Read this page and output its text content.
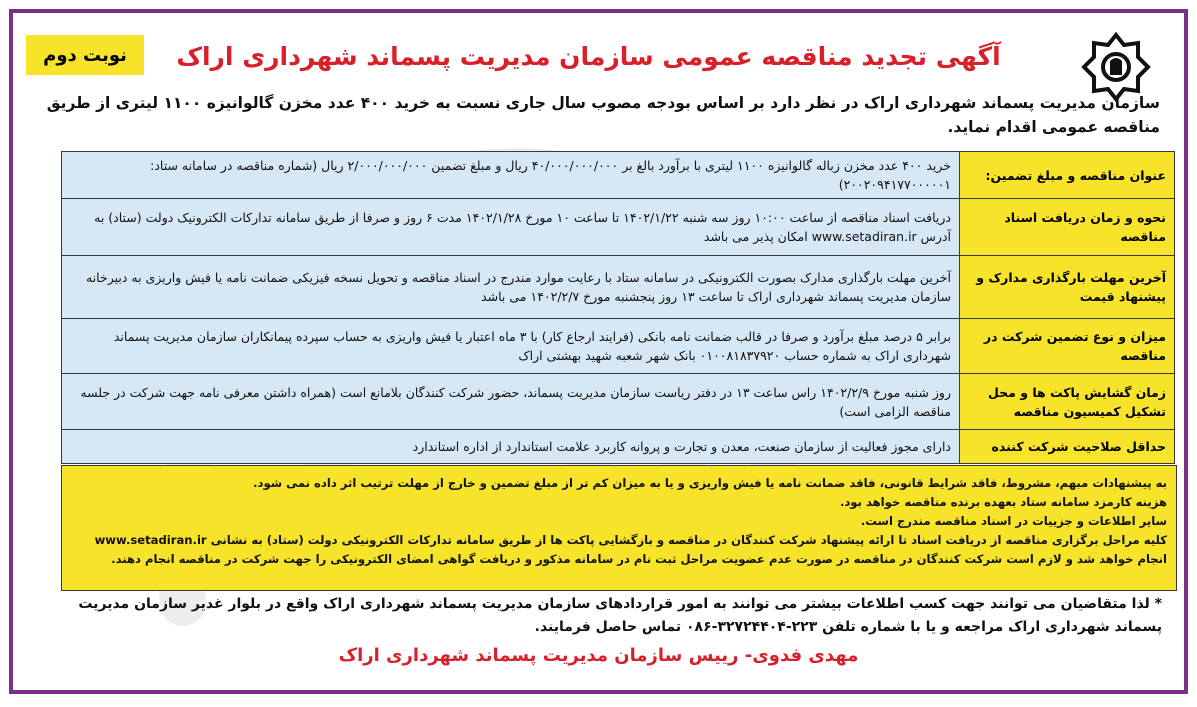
نوبت دوم	آگهی تجدید مناقصه عمومی سازمان مدیریت پسماند شهرداری اراک
سازمان مدیریت پسماند شهرداری اراک در نظر دارد بر اساس بودجه مصوب سال جاری نسبت به خرید ۴۰۰ عدد مخزن گالوانیزه ۱۱۰۰ لیتری از طریق مناقصه عمومی اقدام نماید.
عنوان مناقصه و مبلغ تضمین:	خرید ۴۰۰ عدد مخزن زباله گالوانیزه ۱۱۰۰ لیتری با برآورد بالغ بر ۴۰/۰۰۰/۰۰۰/۰۰۰ ریال و مبلغ تضمین ۲/۰۰۰/۰۰۰/۰۰۰ ریال (شماره مناقصه در سامانه ستاد: ۲۰۰۲۰۹۴۱۷۷۰۰۰۰۰۱)
نحوه و زمان دریافت اسناد مناقصه	دریافت اسناد مناقصه از ساعت ۱۰:۰۰ روز سه شنبه ۱۴۰۲/۱/۲۲ تا ساعت ۱۰ مورخ ۱۴۰۲/۱/۲۸ مدت ۶ روز و صرفا از طریق سامانه تدارکات الکترونیک دولت (ستاد) به آدرس www.setadiran.ir امکان پذیر می باشد
آخرین مهلت بارگذاری مدارک و پیشنهاد قیمت	آخرین مهلت بارگذاری مدارک بصورت الکترونیکی در سامانه ستاد با رعایت موارد مندرج در اسناد مناقصه و تحویل نسخه فیزیکی ضمانت نامه یا فیش واریزی به دبیرخانه سازمان مدیریت پسماند شهرداری اراک تا ساعت ۱۳ روز پنجشنبه مورخ ۱۴۰۲/۲/۷ می باشد
میزان و نوع تضمین شرکت در مناقصه	برابر ۵ درصد مبلغ برآورد و صرفا در قالب ضمانت نامه بانکی (فرایند ارجاع کار) با ۳ ماه اعتبار یا فیش واریزی به حساب سپرده پیمانکاران سازمان مدیریت پسماند شهرداری اراک به شماره حساب ۰۱۰۰۸۱۸۳۷۹۲۰ بانک شهر شعبه شهید بهشتی اراک
زمان گشایش پاکت ها و محل تشکیل کمیسیون مناقصه	روز شنبه مورخ ۱۴۰۲/۲/۹ راس ساعت ۱۳ در دفتر ریاست سازمان مدیریت پسماند، حضور شرکت کنندگان بلامانع است (همراه داشتن معرفی نامه جهت شرکت در جلسه مناقصه الزامی است)
حداقل صلاحیت شرکت کننده	دارای مجوز فعالیت از سازمان صنعت، معدن و تجارت و پروانه کاربرد علامت استاندارد از اداره استاندارد

به پیشنهادات مبهم، مشروط، فاقد شرایط قانونی، فاقد ضمانت نامه یا فیش واریزی و یا به میزان کم تر از مبلغ تضمین و خارج از مهلت ترتیب اثر داده نمی شود.

هزینه کارمزد سامانه ستاد بعهده برنده مناقصه خواهد بود.

سایر اطلاعات و جزییات در اسناد مناقصه مندرج است.

کلیه مراحل برگزاری مناقصه از دریافت اسناد تا ارائه پیشنهاد شرکت کنندگان در مناقصه و بازگشایی پاکت ها از طریق سامانه تدارکات الکترونیکی دولت (ستاد) به نشانی www.setadiran.ir انجام خواهد شد و لازم است شرکت کنندگان در مناقصه در صورت عدم عضویت مراحل ثبت نام در سامانه مذکور و دریافت گواهی امضای الکترونیکی را جهت شرکت در مناقصه انجام دهند.

* لذا متقاضیان می توانند جهت کسب اطلاعات بیشتر می توانند به امور قراردادهای سازمان مدیریت پسماند شهرداری اراک واقع در بلوار غدیر سازمان مدیریت پسماند شهرداری اراک مراجعه و یا با شماره تلفن ۲۲۳-۳۲۷۲۴۴۰۴-۰۸۶ تماس حاصل فرمایند.
مهدی فدوی- رییس سازمان مدیریت پسماند شهرداری اراک
